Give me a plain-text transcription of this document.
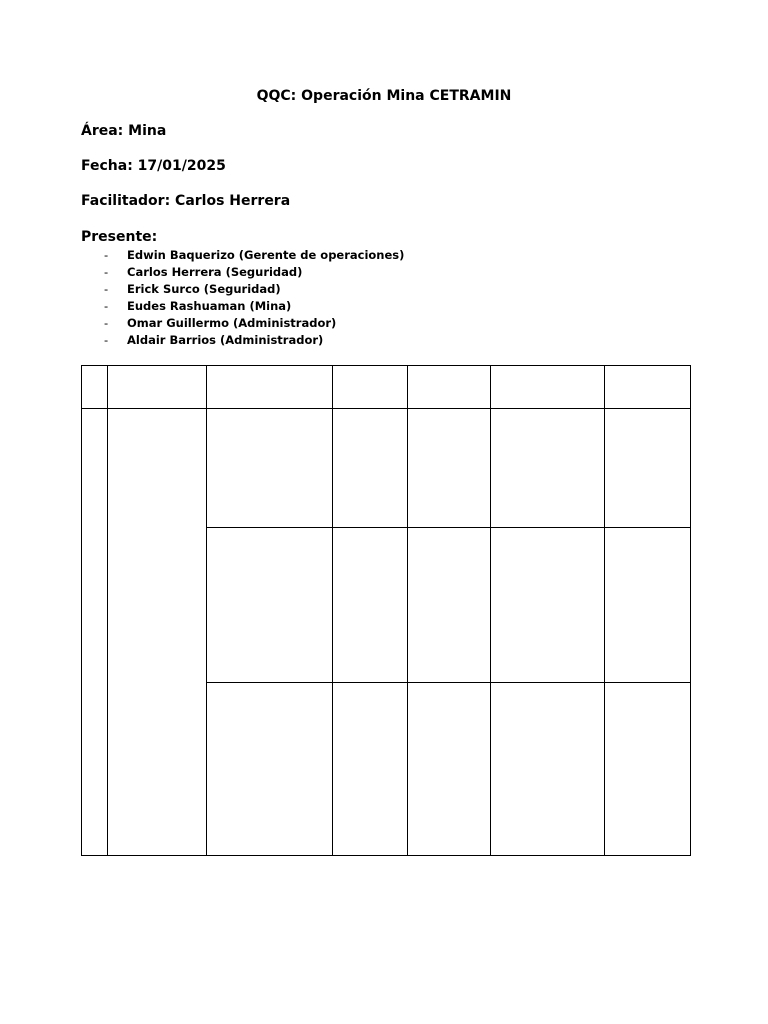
QQC: Operación Mina CETRAMIN
Área: Mina
Fecha: 17/01/2025
Facilitador: Carlos Herrera
Presente:
- Edwin Baquerizo (Gerente de operaciones)
- Carlos Herrera (Seguridad)
- Erick Surco (Seguridad)
- Eudes Rashuaman (Mina)
- Omar Guillermo (Administrador)
- Aldair Barrios (Administrador)
